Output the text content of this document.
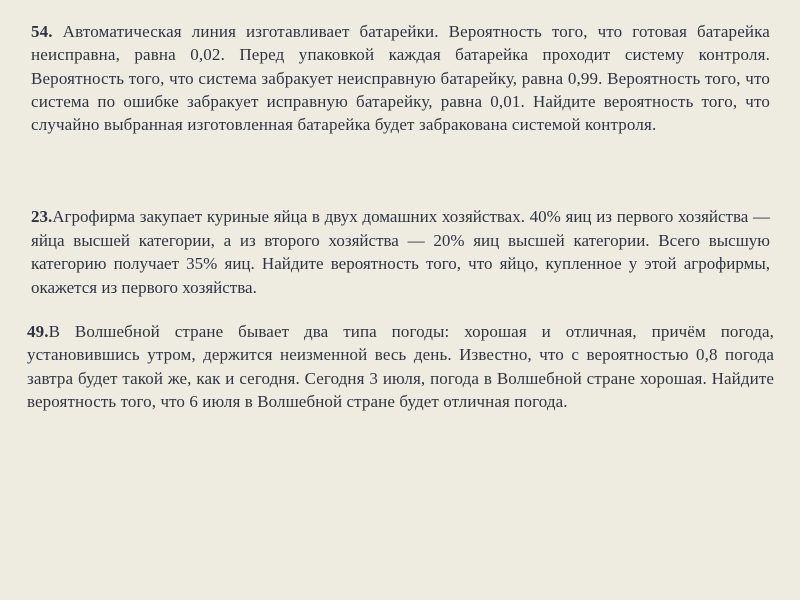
54. Автоматическая линия изготавливает батарейки. Вероятность того, что готовая батарейка неисправна, равна 0,02. Перед упаковкой каждая батарейка проходит систему контроля. Вероятность того, что система забракует неисправную батарейку, равна 0,99. Вероятность того, что система по ошибке забракует исправную батарейку, равна 0,01. Найдите вероятность того, что случайно выбранная изготовленная батарейка будет забракована системой контроля.

23.Агрофирма закупает куриные яйца в двух домашних хозяйствах. 40% яиц из первого хозяйства — яйца высшей категории, а из второго хозяйства — 20% яиц высшей категории. Всего высшую категорию получает 35% яиц. Найдите вероятность того, что яйцо, купленное у этой агрофирмы, окажется из первого хозяйства.

49.В Волшебной стране бывает два типа погоды: хорошая и отличная, причём погода, установившись утром, держится неизменной весь день. Известно, что с вероятностью 0,8 погода завтра будет такой же, как и сегодня. Сегодня 3 июля, погода в Волшебной стране хорошая. Найдите вероятность того, что 6 июля в Волшебной стране будет отличная погода.
